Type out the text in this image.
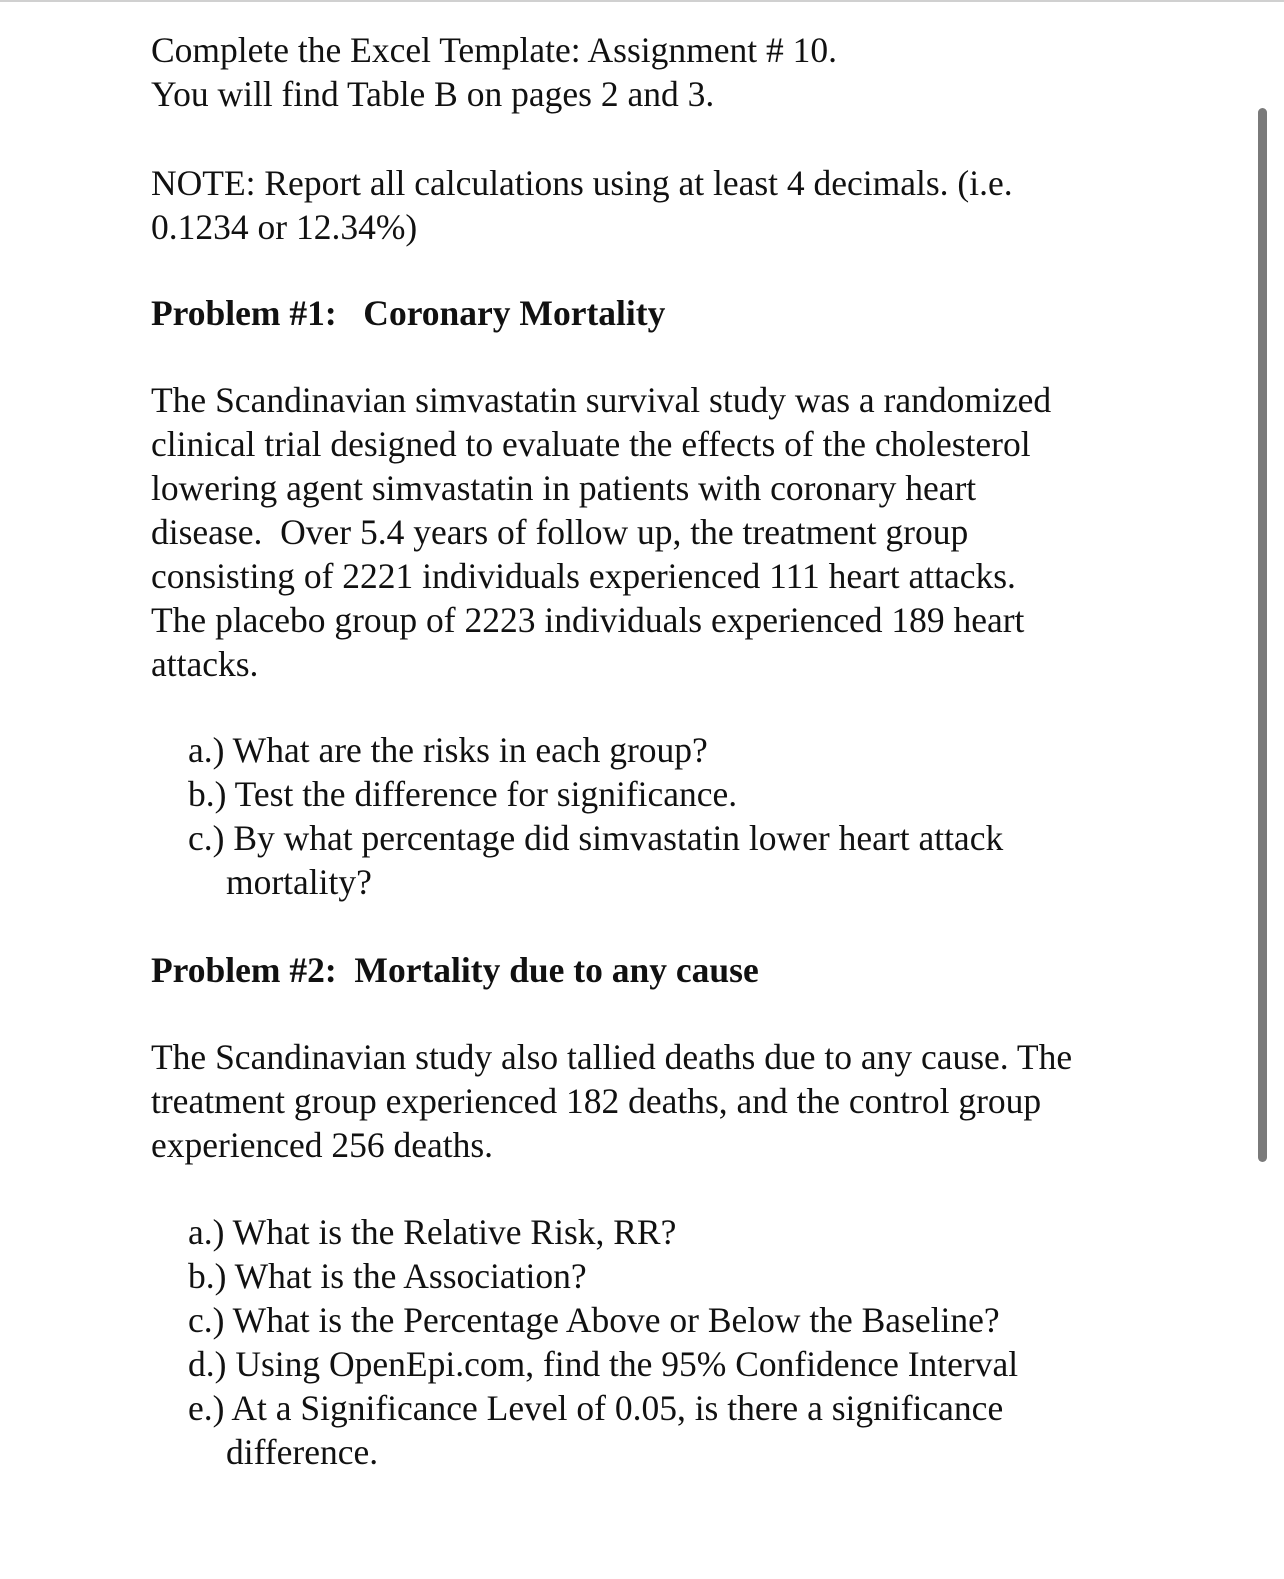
Complete the Excel Template: Assignment # 10.
You will find Table B on pages 2 and 3.
NOTE: Report all calculations using at least 4 decimals. (i.e.
0.1234 or 12.34%)
Problem #1:   Coronary Mortality
The Scandinavian simvastatin survival study was a randomized
clinical trial designed to evaluate the effects of the cholesterol
lowering agent simvastatin in patients with coronary heart
disease.  Over 5.4 years of follow up, the treatment group
consisting of 2221 individuals experienced 111 heart attacks.
The placebo group of 2223 individuals experienced 189 heart
attacks.
a.) What are the risks in each group?
b.) Test the difference for significance.
c.) By what percentage did simvastatin lower heart attack
mortality?
Problem #2:  Mortality due to any cause
The Scandinavian study also tallied deaths due to any cause. The
treatment group experienced 182 deaths, and the control group
experienced 256 deaths.
a.) What is the Relative Risk, RR?
b.) What is the Association?
c.) What is the Percentage Above or Below the Baseline?
d.) Using OpenEpi.com, find the 95% Confidence Interval
e.) At a Significance Level of 0.05, is there a significance
difference.
